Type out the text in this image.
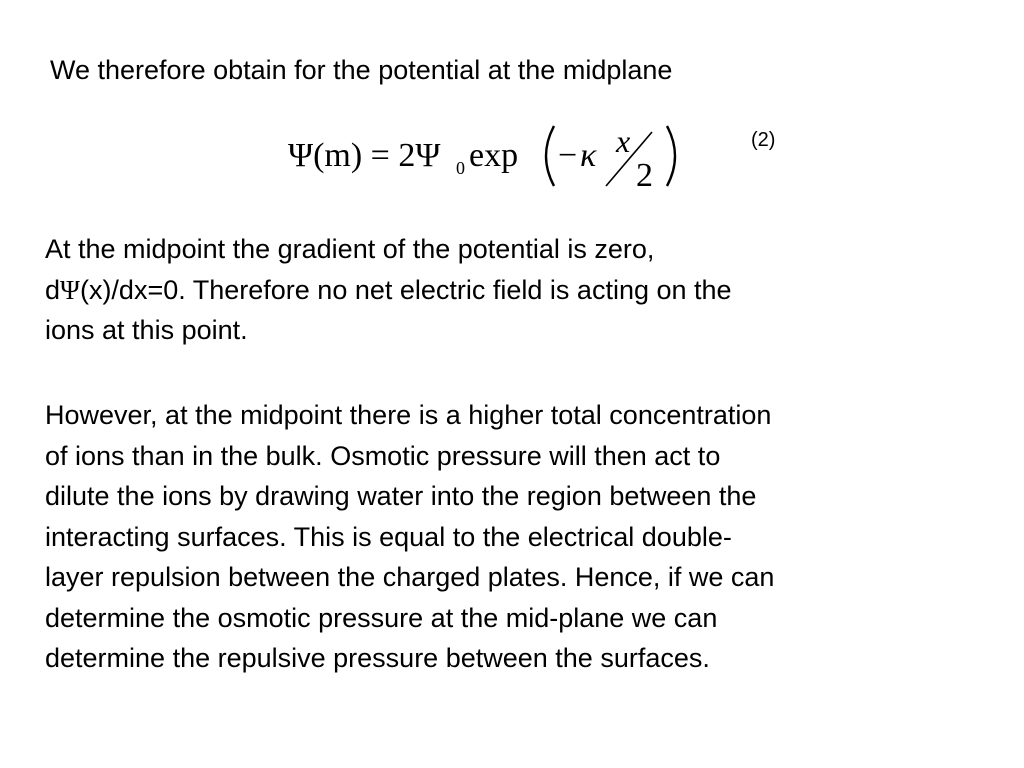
We therefore obtain for the potential at the midplane
Ψ(m) = 2Ψ 0 exp − κ x
2
(2)

At the midpoint the gradient of the potential is zero,
dΨ(x)/dx=0. Therefore no net electric field is acting on the
ions at this point.

However, at the midpoint there is a higher total concentration
of ions than in the bulk. Osmotic pressure will then act to
dilute the ions by drawing water into the region between the
interacting surfaces. This is equal to the electrical double-
layer repulsion between the charged plates. Hence, if we can
determine the osmotic pressure at the mid-plane we can
determine the repulsive pressure between the surfaces.
